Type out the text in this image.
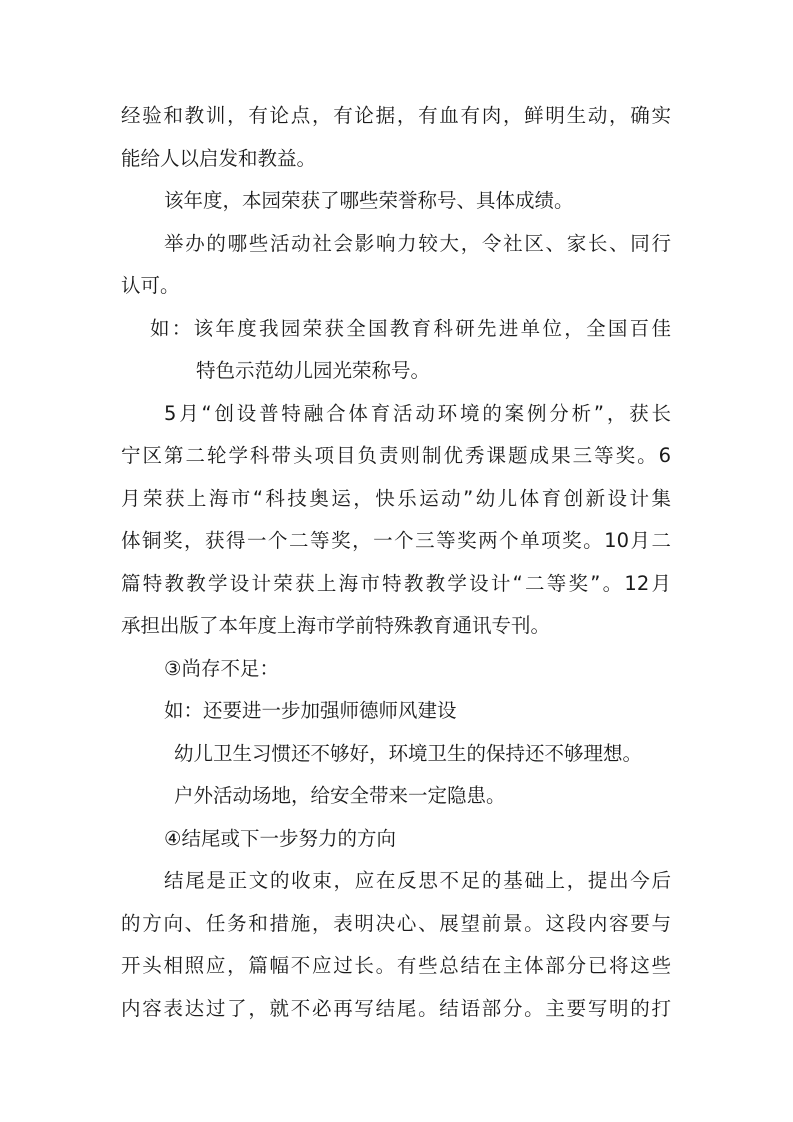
经验和教训，有论点，有论据，有血有肉，鲜明生动，确实
能给人以启发和教益。
该年度，本园荣获了哪些荣誉称号、具体成绩。
举办的哪些活动社会影响力较大，令社区、家长、同行
认可。
如：该年度我园荣获全国教育科研先进单位，全国百佳
特色示范幼儿园光荣称号。
5月“创设普特融合体育活动环境的案例分析”，获长
宁区第二轮学科带头项目负责则制优秀课题成果三等奖。6
月荣获上海市“科技奥运，快乐运动”幼儿体育创新设计集
体铜奖，获得一个二等奖，一个三等奖两个单项奖。10月二
篇特教教学设计荣获上海市特教教学设计“二等奖”。12月
承担出版了本年度上海市学前特殊教育通讯专刊。
③尚存不足：
如：还要进一步加强师德师风建设
幼儿卫生习惯还不够好，环境卫生的保持还不够理想。
户外活动场地，给安全带来一定隐患。
④结尾或下一步努力的方向
结尾是正文的收束，应在反思不足的基础上，提出今后
的方向、任务和措施，表明决心、展望前景。这段内容要与
开头相照应，篇幅不应过长。有些总结在主体部分已将这些
内容表达过了，就不必再写结尾。结语部分。主要写明的打
